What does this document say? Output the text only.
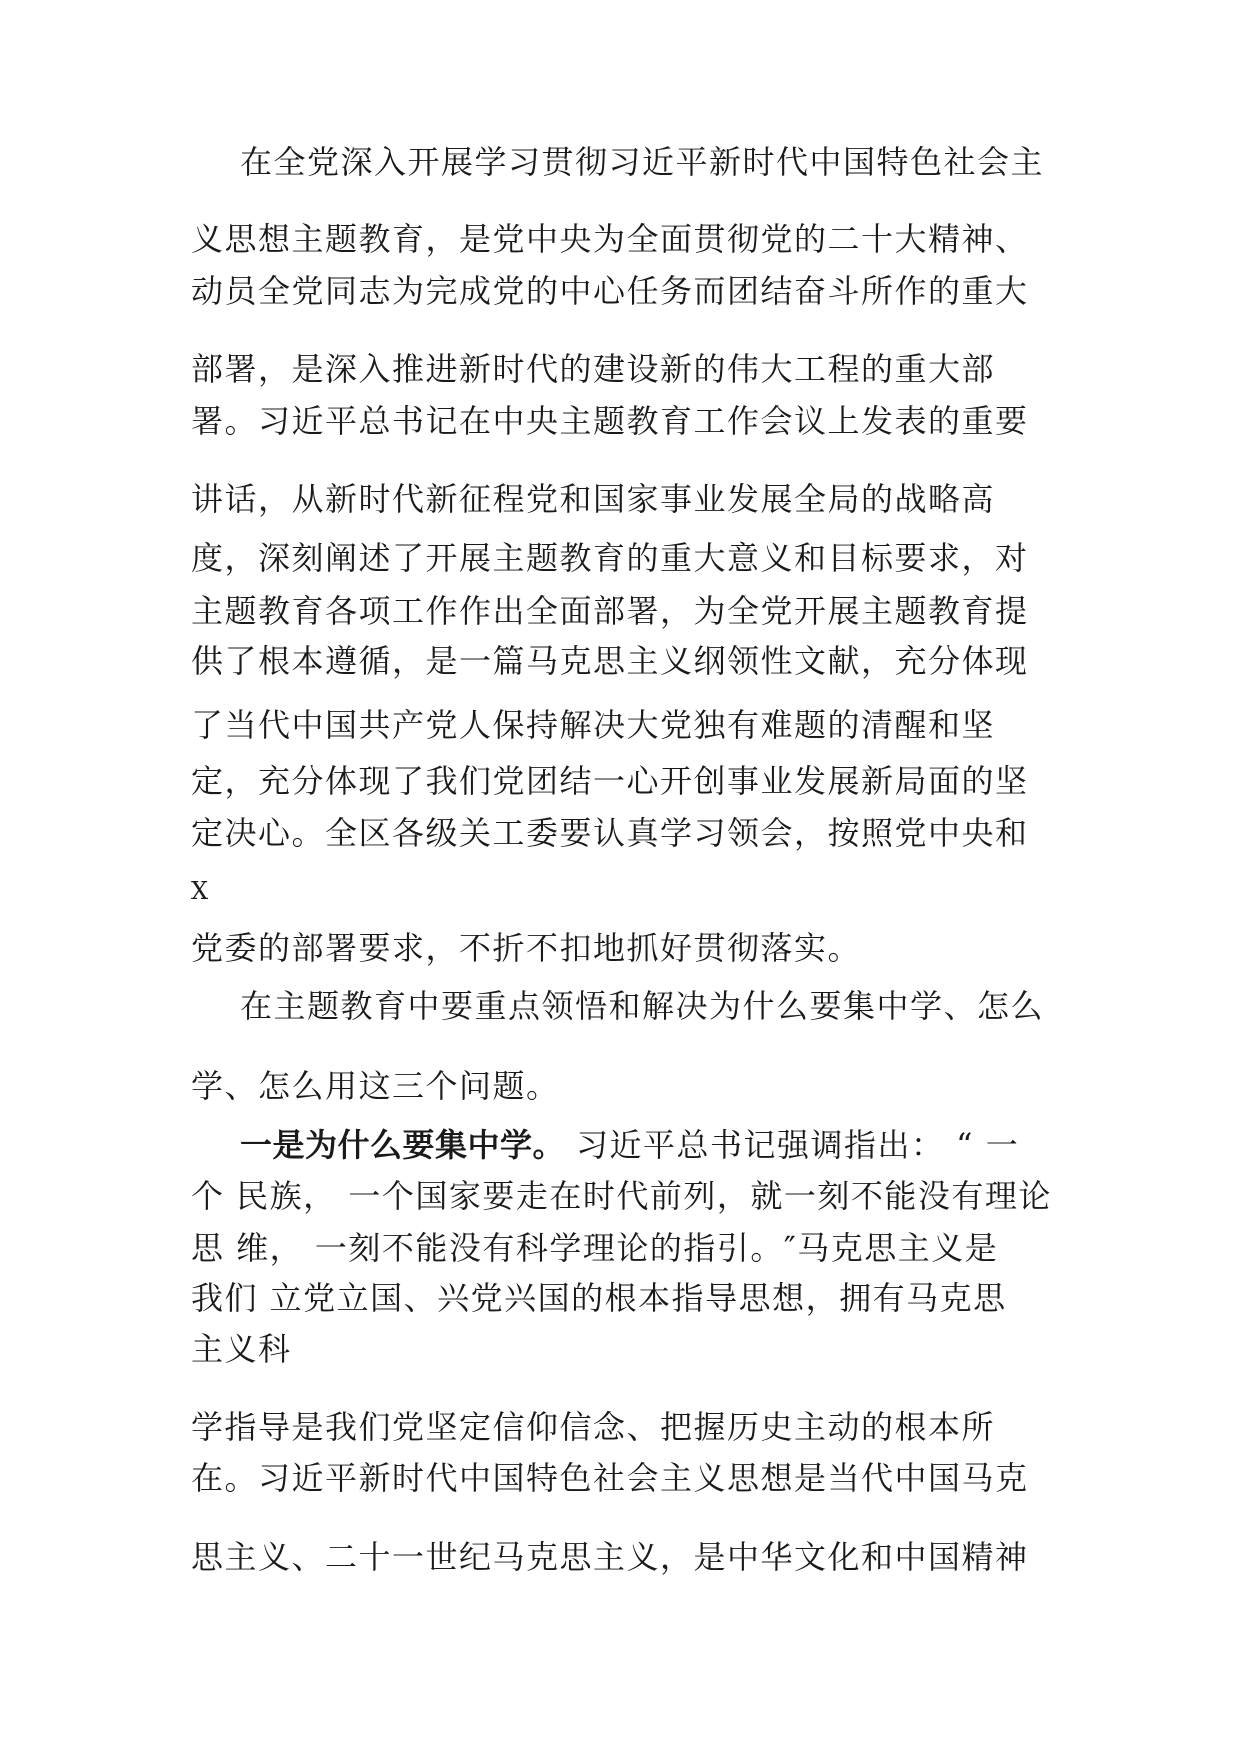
在全党深入开展学习贯彻习近平新时代中国特色社会主

义思想主题教育，是党中央为全面贯彻党的二十大精神、

动员全党同志为完成党的中心任务而团结奋斗所作的重大

部署，是深入推进新时代的建设新的伟大工程的重大部

署。习近平总书记在中央主题教育工作会议上发表的重要

讲话，从新时代新征程党和国家事业发展全局的战略高

度，深刻阐述了开展主题教育的重大意义和目标要求，对

主题教育各项工作作出全面部署，为全党开展主题教育提

供了根本遵循，是一篇马克思主义纲领性文献，充分体现

了当代中国共产党人保持解决大党独有难题的清醒和坚

定，充分体现了我们党团结一心开创事业发展新局面的坚

定决心。全区各级关工委要认真学习领会，按照党中央和

X

党委的部署要求，不折不扣地抓好贯彻落实。

在主题教育中要重点领悟和解决为什么要集中学、怎么

学、怎么用这三个问题。

一是为什么要集中学。 习近平总书记强调指出： “ 一

个 民族， 一个国家要走在时代前列，就一刻不能没有理论

思 维， 一刻不能没有科学理论的指引。″马克思主义是

我们 立党立国、兴党兴国的根本指导思想，拥有马克思

主义科

学指导是我们党坚定信仰信念、把握历史主动的根本所

在。习近平新时代中国特色社会主义思想是当代中国马克

思主义、二十一世纪马克思主义，是中华文化和中国精神
